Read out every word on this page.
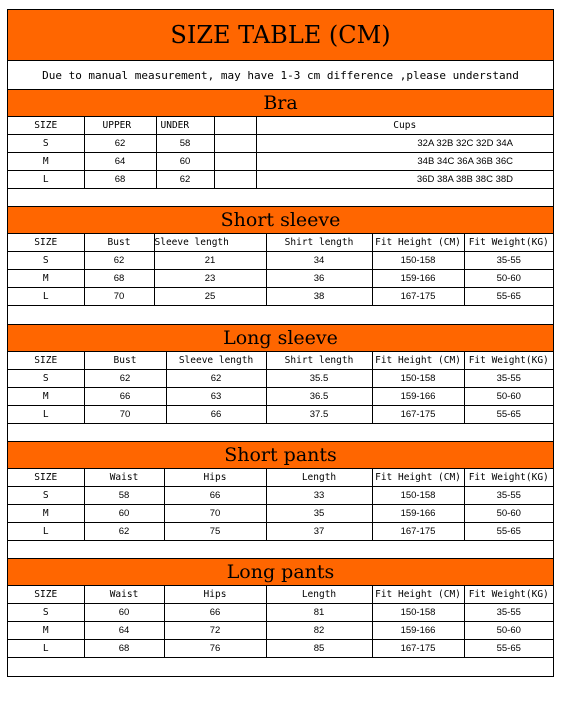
SIZE TABLE (CM)
Due to manual measurement, may have 1-3 cm difference ,please understand
Bra
SIZE	UPPER	UNDER		Cups
S	62	58		32A 32B 32C 32D 34A
M	64	60		34B 34C 36A 36B 36C
L	68	62		36D 38A 38B 38C 38D
Short sleeve
SIZE	Bust	Sleeve length	Shirt length	Fit Height (CM)	Fit Weight(KG)
S	62	21	34	150-158	35-55
M	68	23	36	159-166	50-60
L	70	25	38	167-175	55-65
Long sleeve
SIZE	Bust	Sleeve length	Shirt length	Fit Height (CM)	Fit Weight(KG)
S	62	62	35.5	150-158	35-55
M	66	63	36.5	159-166	50-60
L	70	66	37.5	167-175	55-65
Short pants
SIZE	Waist	Hips	Length	Fit Height (CM)	Fit Weight(KG)
S	58	66	33	150-158	35-55
M	60	70	35	159-166	50-60
L	62	75	37	167-175	55-65
Long pants
SIZE	Waist	Hips	Length	Fit Height (CM)	Fit Weight(KG)
S	60	66	81	150-158	35-55
M	64	72	82	159-166	50-60
L	68	76	85	167-175	55-65
